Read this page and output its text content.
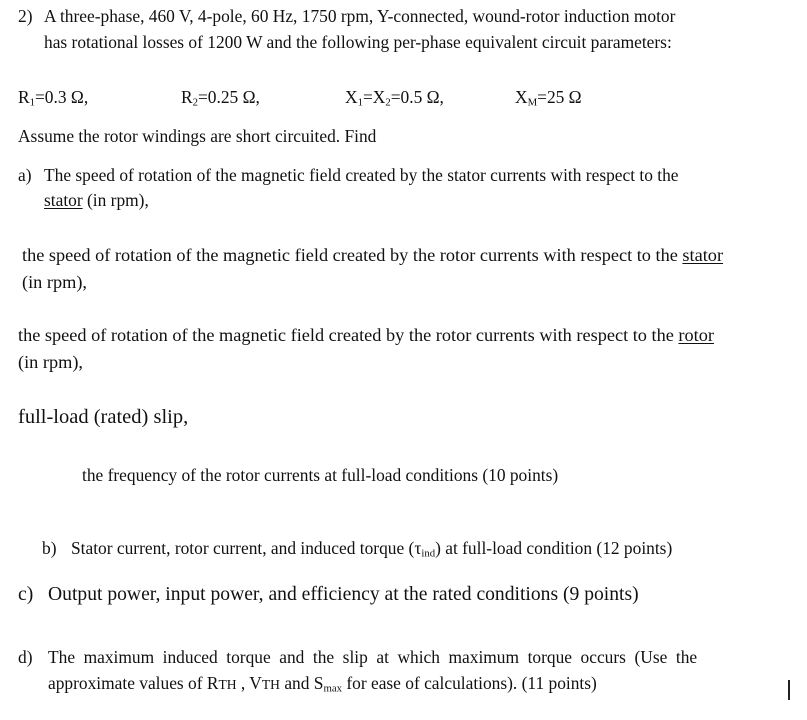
2) A three-phase, 460 V, 4-pole, 60 Hz, 1750 rpm, Y-connected, wound-rotor induction motor
has rotational losses of 1200 W and the following per-phase equivalent circuit parameters:
$R_1=0.3$ Ω,	$R_2=0.25$ Ω,	$X_1=X_2=0.5$ Ω,	$X_M=25$ Ω
Assume the rotor windings are short circuited. Find
a) The speed of rotation of the magnetic field created by the stator currents with respect to the
stator (in rpm),
the speed of rotation of the magnetic field created by the rotor currents with respect to the stator
(in rpm),
the speed of rotation of the magnetic field created by the rotor currents with respect to the rotor
(in rpm),
full-load (rated) slip,
the frequency of the rotor currents at full-load conditions (10 points)
b) Stator current, rotor current, and induced torque $(\tau_{ind})$ at full-load condition (12 points)
c) Output power, input power, and efficiency at the rated conditions (9 points)
d) The maximum induced torque and the slip at which maximum torque occurs (Use the
approximate values of RTH , VTH and $S_{max}$ for ease of calculations). (11 points)
